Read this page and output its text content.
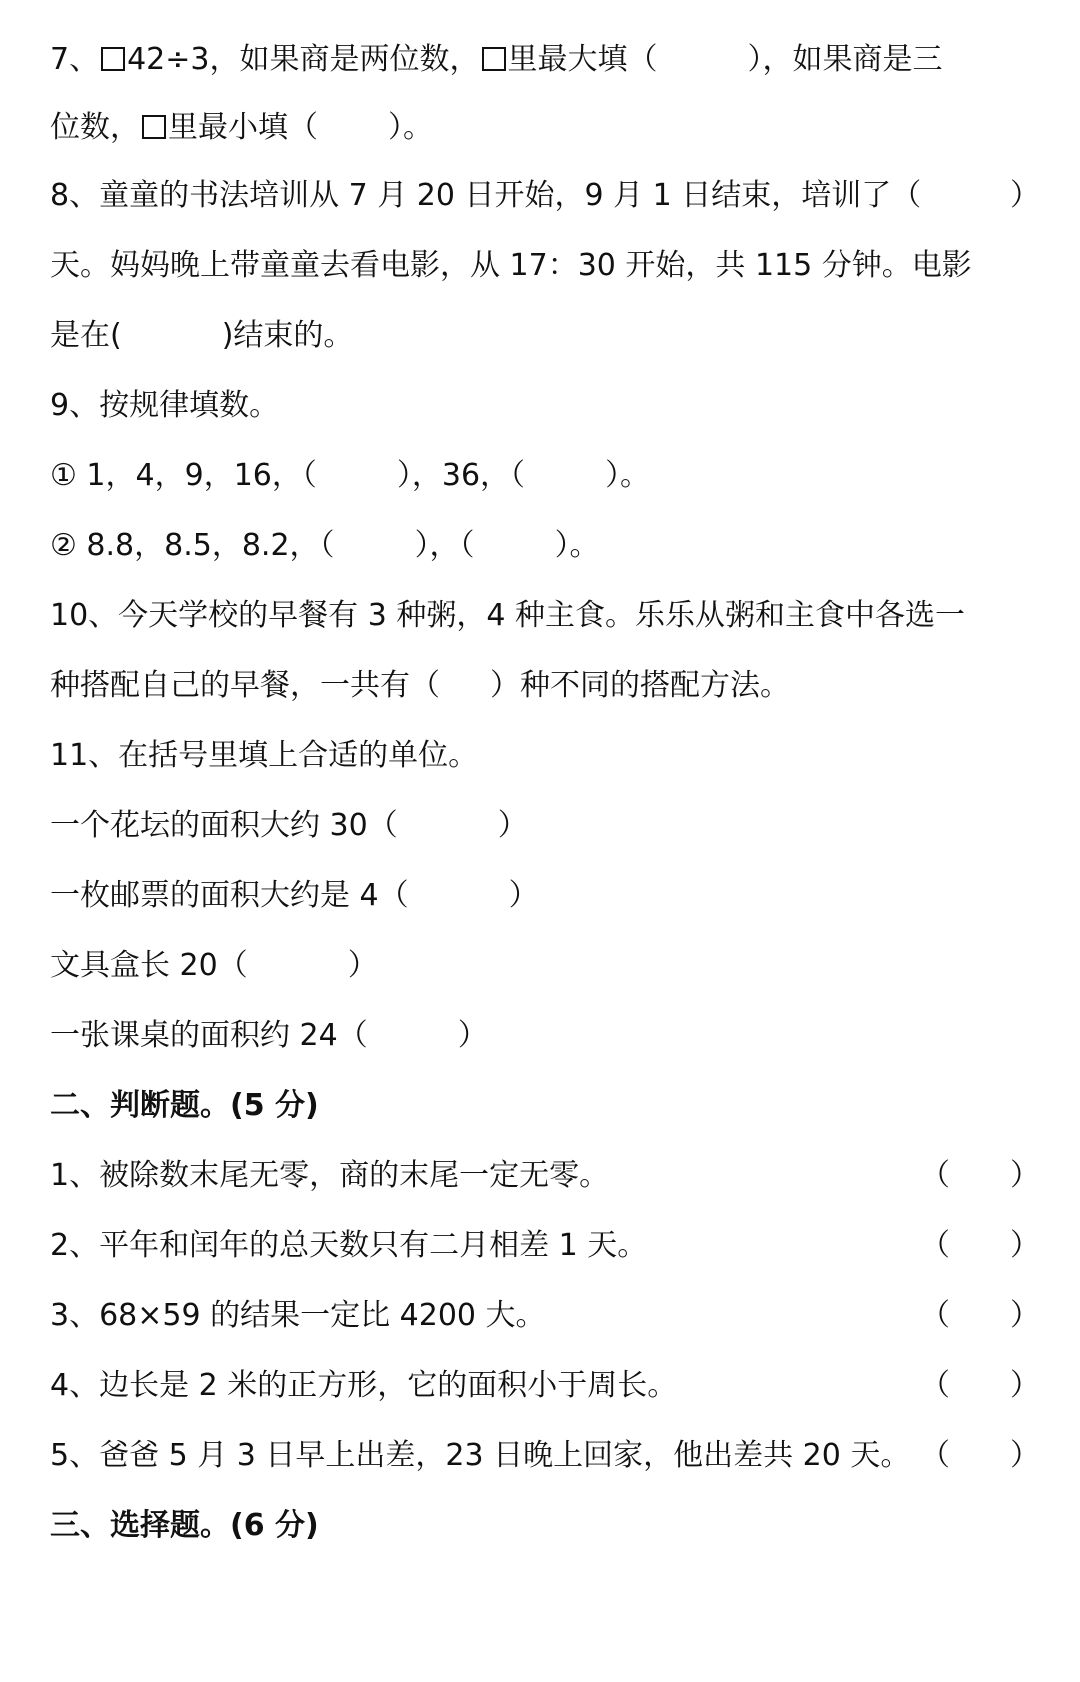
7、 42÷3，如果商是两位数， 里最大填（	），如果商是三
位数， 里最小填（ ）。
8、童童的书法培训从 7 月 20 日开始，9 月 1 日结束，培训了（	）
天。妈妈晚上带童童去看电影，从 17：30 开始，共 115 分钟。电影
是在(	)结束的。
9、按规律填数。
① 1，4，9，16，（	），36，（	）。
② 8.8，8.5，8.2，（	），（	）。
10、今天学校的早餐有 3 种粥，4 种主食。乐乐从粥和主食中各选一
种搭配自己的早餐，一共有（ ）种不同的搭配方法。
11、在括号里填上合适的单位。
一个花坛的面积大约 30（	）
一枚邮票的面积大约是 4（	）
文具盒长 20（	）
一张课桌的面积约 24（	）
二、判断题。(5 分)
1、被除数末尾无零，商的末尾一定无零。	（ ）
2、平年和闰年的总天数只有二月相差 1 天。	（ ）
3、68×59 的结果一定比 4200 大。	（ ）
4、边长是 2 米的正方形，它的面积小于周长。	（ ）
5、爸爸 5 月 3 日早上出差，23 日晚上回家，他出差共 20 天。 （ ）
三、选择题。(6 分)
